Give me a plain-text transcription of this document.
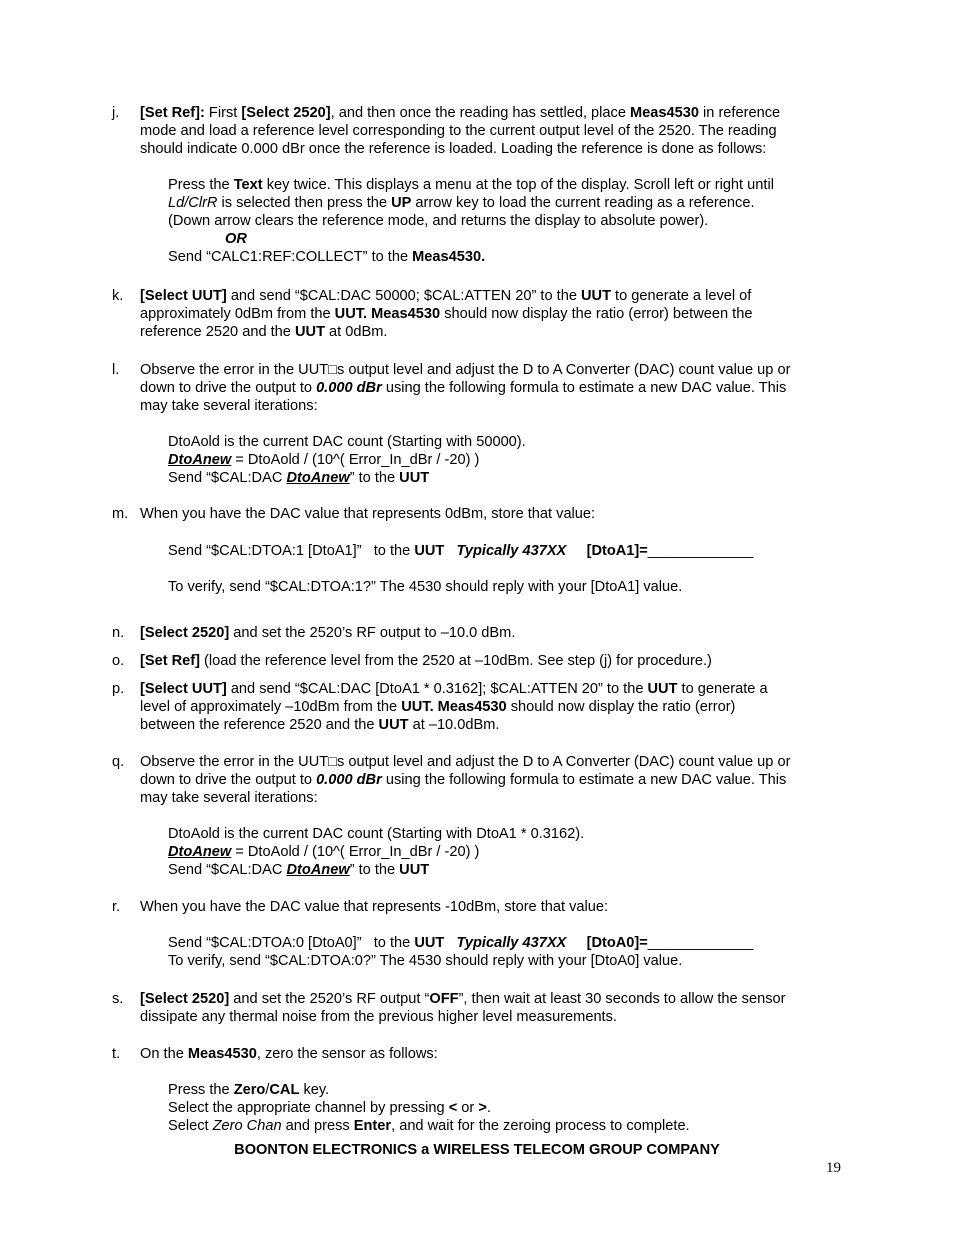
j. [Set Ref]: First [Select 2520], and then once the reading has settled, place Meas4530 in reference
mode and load a reference level corresponding to the current output level of the 2520. The reading
should indicate 0.000 dBr once the reference is loaded. Loading the reference is done as follows:
Press the Text key twice. This displays a menu at the top of the display. Scroll left or right until
Ld/ClrR is selected then press the UP arrow key to load the current reading as a reference.
(Down arrow clears the reference mode, and returns the display to absolute power).
OR
Send “CALC1:REF:COLLECT” to the Meas4530.
k. [Select UUT] and send “$CAL:DAC 50000; $CAL:ATTEN 20” to the UUT to generate a level of
approximately 0dBm from the UUT. Meas4530 should now display the ratio (error) between the
reference 2520 and the UUT at 0dBm.
l. Observe the error in the UUT□s output level and adjust the D to A Converter (DAC) count value up or
down to drive the output to 0.000 dBr using the following formula to estimate a new DAC value. This
may take several iterations:
DtoAold is the current DAC count (Starting with 50000).
DtoAnew = DtoAold / (10^( Error_In_dBr / -20) )
Send “$CAL:DAC DtoAnew” to the UUT
m. When you have the DAC value that represents 0dBm, store that value:
Send “$CAL:DTOA:1 [DtoA1]”   to the UUT Typically 437XX [DtoA1]=_____________
To verify, send “$CAL:DTOA:1?” The 4530 should reply with your [DtoA1] value.
n. [Select 2520] and set the 2520’s RF output to –10.0 dBm.
o. [Set Ref] (load the reference level from the 2520 at –10dBm. See step (j) for procedure.)
p. [Select UUT] and send “$CAL:DAC [DtoA1 * 0.3162]; $CAL:ATTEN 20” to the UUT to generate a
level of approximately –10dBm from the UUT. Meas4530 should now display the ratio (error)
between the reference 2520 and the UUT at –10.0dBm.
q. Observe the error in the UUT□s output level and adjust the D to A Converter (DAC) count value up or
down to drive the output to 0.000 dBr using the following formula to estimate a new DAC value. This
may take several iterations:
DtoAold is the current DAC count (Starting with DtoA1 * 0.3162).
DtoAnew = DtoAold / (10^( Error_In_dBr / -20) )
Send “$CAL:DAC DtoAnew” to the UUT
r. When you have the DAC value that represents -10dBm, store that value:
Send “$CAL:DTOA:0 [DtoA0]”   to the UUT Typically 437XX [DtoA0]=_____________
To verify, send “$CAL:DTOA:0?” The 4530 should reply with your [DtoA0] value.
s. [Select 2520] and set the 2520’s RF output “OFF”, then wait at least 30 seconds to allow the sensor
dissipate any thermal noise from the previous higher level measurements.
t. On the Meas4530, zero the sensor as follows:
Press the Zero/CAL key.
Select the appropriate channel by pressing < or >.
Select Zero Chan and press Enter, and wait for the zeroing process to complete.
BOONTON ELECTRONICS a WIRELESS TELECOM GROUP COMPANY
19
